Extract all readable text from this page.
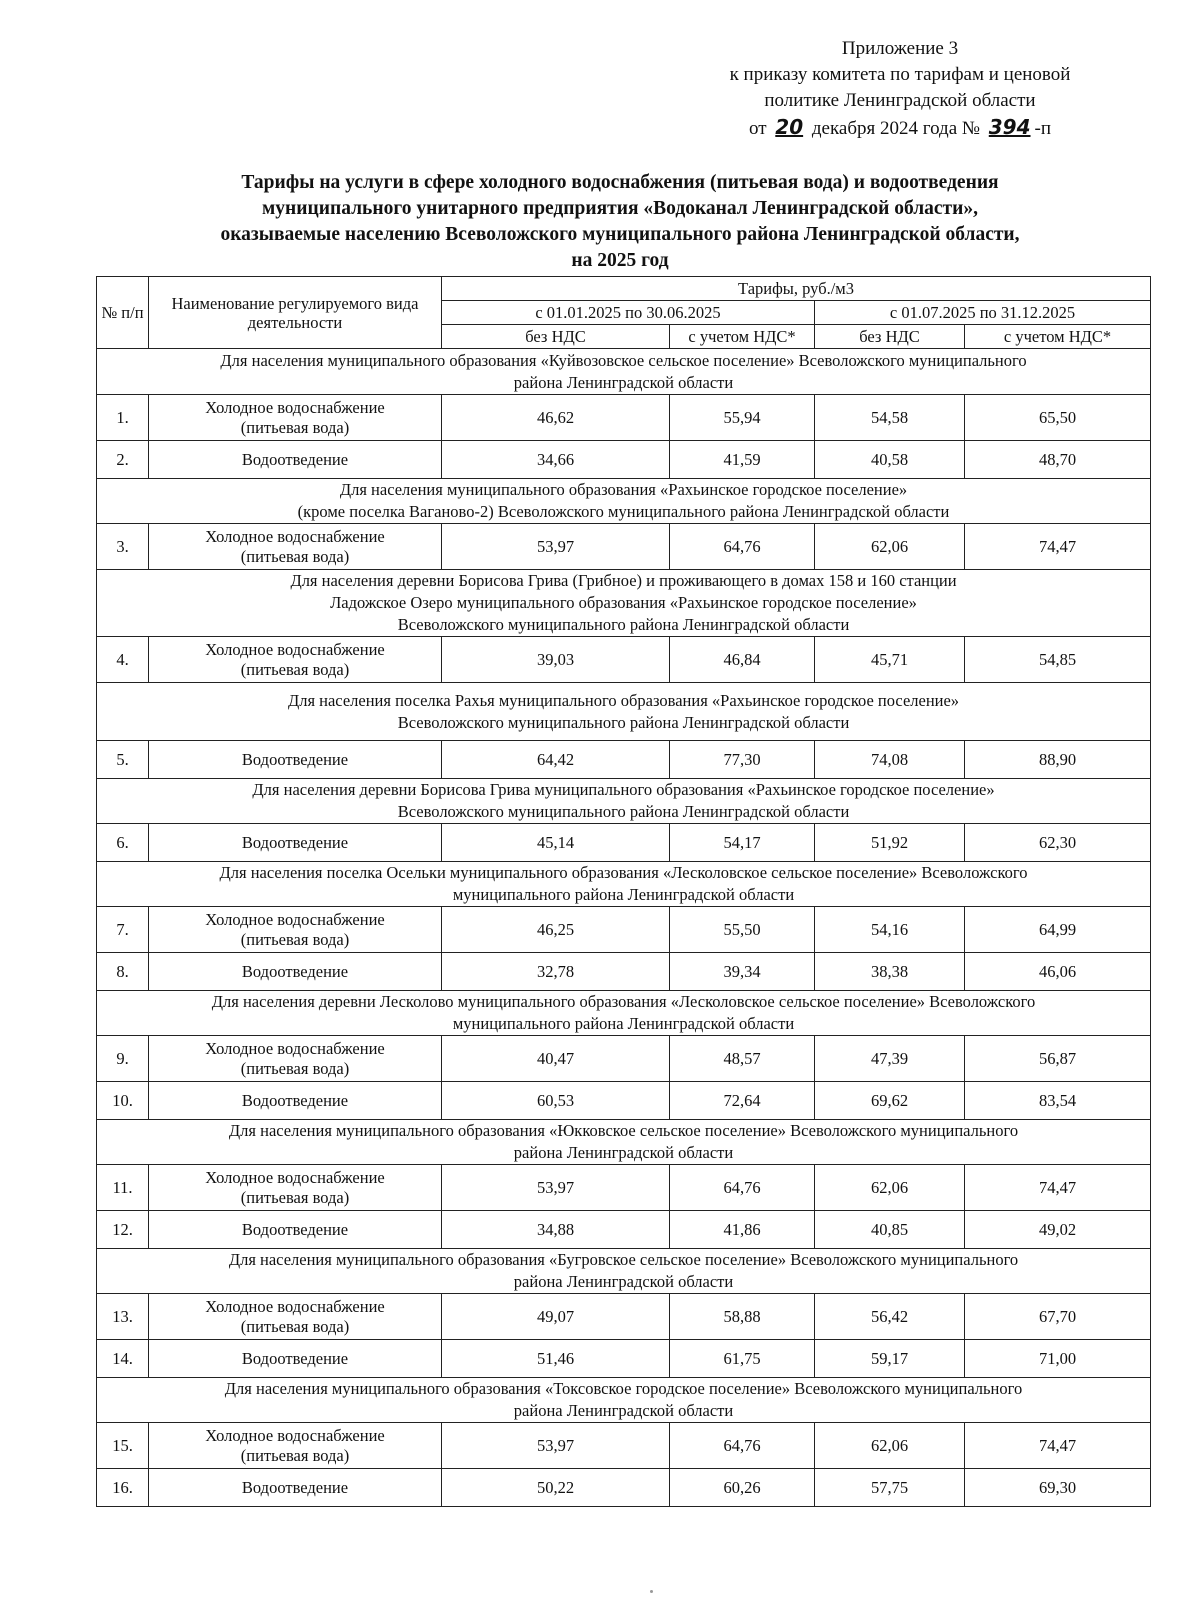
Приложение 3
к приказу комитета по тарифам и ценовой
политике Ленинградской области
от 20 декабря 2024 года № 394 -п
Тарифы на услуги в сфере холодного водоснабжения (питьевая вода) и водоотведения
муниципального унитарного предприятия «Водоканал Ленинградской области»,
оказываемые населению Всеволожского муниципального района Ленинградской области,
на 2025 год
№ п/п	Наименование регулируемого вида деятельности	Тарифы, руб./м3			
		с 01.01.2025 по 30.06.2025		с 01.07.2025 по 31.12.2025	
		без НДС	с учетом НДС*	без НДС	с учетом НДС*

Для населения муниципального образования «Куйвозовское сельское поселение» Всеволожского муниципального
района Ленинградской области					

1.	Холодное водоснабжение
(питьевая вода)	46,62	55,94	54,58	65,50
2.	Водоотведение	34,66	41,59	40,58	48,70

Для населения муниципального образования «Рахьинское городское поселение»
(кроме поселка Ваганово-2) Всеволожского муниципального района Ленинградской области					

3.	Холодное водоснабжение
(питьевая вода)	53,97	64,76	62,06	74,47

Для населения деревни Борисова Грива (Грибное) и проживающего в домах 158 и 160 станции
Ладожское Озеро муниципального образования «Рахьинское городское поселение»
Всеволожского муниципального района Ленинградской области					

4.	Холодное водоснабжение
(питьевая вода)	39,03	46,84	45,71	54,85

Для населения поселка Рахья муниципального образования «Рахьинское городское поселение»
Всеволожского муниципального района Ленинградской области					

5.	Водоотведение	64,42	77,30	74,08	88,90

Для населения деревни Борисова Грива муниципального образования «Рахьинское городское поселение»
Всеволожского муниципального района Ленинградской области					

6.	Водоотведение	45,14	54,17	51,92	62,30

Для населения поселка Осельки муниципального образования «Лесколовское сельское поселение» Всеволожского
муниципального района Ленинградской области					

7.	Холодное водоснабжение
(питьевая вода)	46,25	55,50	54,16	64,99
8.	Водоотведение	32,78	39,34	38,38	46,06

Для населения деревни Лесколово муниципального образования «Лесколовское сельское поселение» Всеволожского
муниципального района Ленинградской области					

9.	Холодное водоснабжение
(питьевая вода)	40,47	48,57	47,39	56,87
10.	Водоотведение	60,53	72,64	69,62	83,54

Для населения муниципального образования «Юкковское сельское поселение» Всеволожского муниципального
района Ленинградской области					

11.	Холодное водоснабжение
(питьевая вода)	53,97	64,76	62,06	74,47
12.	Водоотведение	34,88	41,86	40,85	49,02

Для населения муниципального образования «Бугровское сельское поселение» Всеволожского муниципального
района Ленинградской области					

13.	Холодное водоснабжение
(питьевая вода)	49,07	58,88	56,42	67,70
14.	Водоотведение	51,46	61,75	59,17	71,00

Для населения муниципального образования «Токсовское городское поселение» Всеволожского муниципального
района Ленинградской области					

15.	Холодное водоснабжение
(питьевая вода)	53,97	64,76	62,06	74,47
16.	Водоотведение	50,22	60,26	57,75	69,30
